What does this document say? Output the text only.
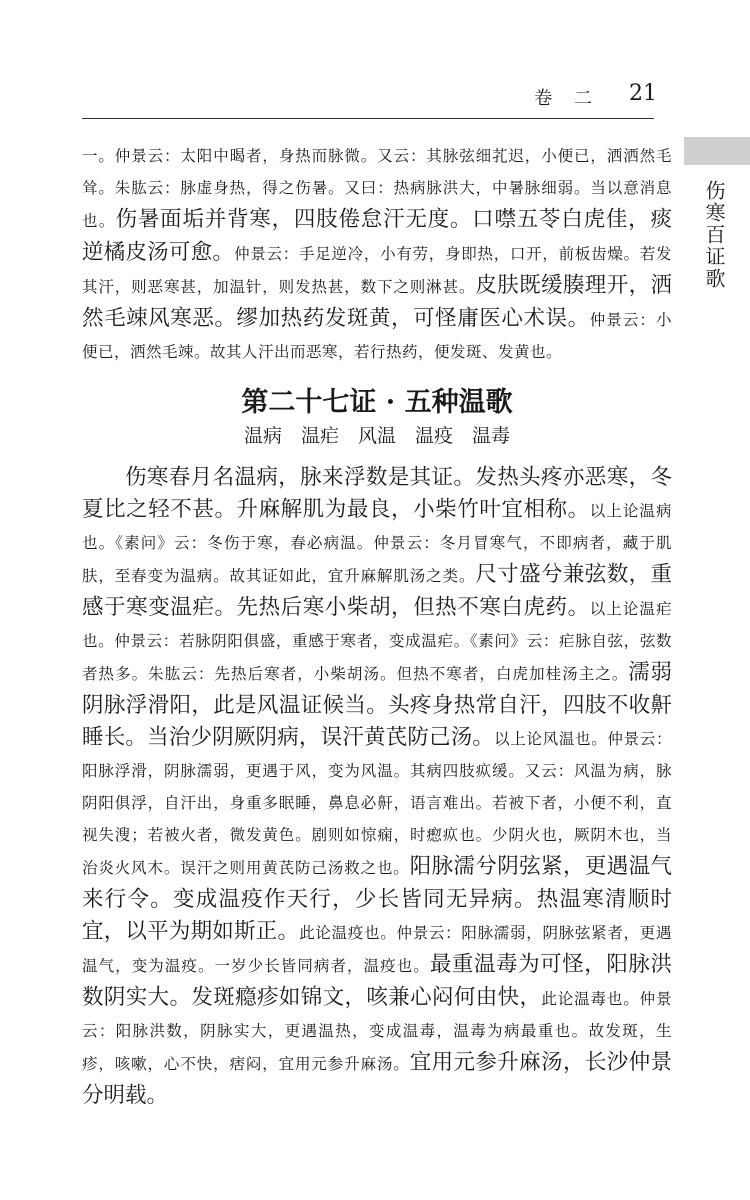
卷 二 21
伤寒百证歌

一。仲景云：太阳中暍者，身热而脉微。又云：其脉弦细芤迟，小便已，洒洒然毛耸。朱肱云：脉虚身热，得之伤暑。又曰：热病脉洪大，中暑脉细弱。当以意消息也。伤暑面垢并背寒，四肢倦怠汗无度。口噤五苓白虎佳，痰逆橘皮汤可愈。仲景云：手足逆冷，小有劳，身即热，口开，前板齿燥。若发其汗，则恶寒甚，加温针，则发热甚，数下之则淋甚。皮肤既缓腠理开，洒然毛竦风寒恶。缪加热药发斑黄，可怪庸医心术误。仲景云：小便已，洒然毛竦。故其人汗出而恶寒，若行热药，便发斑、发黄也。

第二十七证 · 五种温歌
温病　温疟　风温　温疫　温毒

伤寒春月名温病，脉来浮数是其证。发热头疼亦恶寒，冬夏比之轻不甚。升麻解肌为最良，小柴竹叶宜相称。以上论温病也。《素问》云：冬伤于寒，春必病温。仲景云：冬月冒寒气，不即病者，藏于肌肤，至春变为温病。故其证如此，宜升麻解肌汤之类。尺寸盛兮兼弦数，重感于寒变温疟。先热后寒小柴胡，但热不寒白虎药。以上论温疟也。仲景云：若脉阴阳俱盛，重感于寒者，变成温疟。《素问》云：疟脉自弦，弦数者热多。朱肱云：先热后寒者，小柴胡汤。但热不寒者，白虎加桂汤主之。濡弱阴脉浮滑阳，此是风温证候当。头疼身热常自汗，四肢不收鼾睡长。当治少阴厥阴病，误汗黄芪防己汤。以上论风温也。仲景云：阳脉浮滑，阴脉濡弱，更遇于风，变为风温。其病四肢疭缓。又云：风温为病，脉阴阳俱浮，自汗出，身重多眠睡，鼻息必鼾，语言难出。若被下者，小便不利，直视失溲；若被火者，微发黄色。剧则如惊痫，时瘛疭也。少阴火也，厥阴木也，当治炎火风木。误汗之则用黄芪防己汤救之也。阳脉濡兮阴弦紧，更遇温气来行令。变成温疫作天行，少长皆同无异病。热温寒清顺时宜，以平为期如斯正。此论温疫也。仲景云：阳脉濡弱，阴脉弦紧者，更遇温气，变为温疫。一岁少长皆同病者，温疫也。最重温毒为可怪，阳脉洪数阴实大。发斑瘾疹如锦文，咳兼心闷何由快，此论温毒也。仲景云：阳脉洪数，阴脉实大，更遇温热，变成温毒，温毒为病最重也。故发斑，生疹，咳嗽，心不快，痞闷，宜用元参升麻汤。宜用元参升麻汤，长沙仲景分明载。
